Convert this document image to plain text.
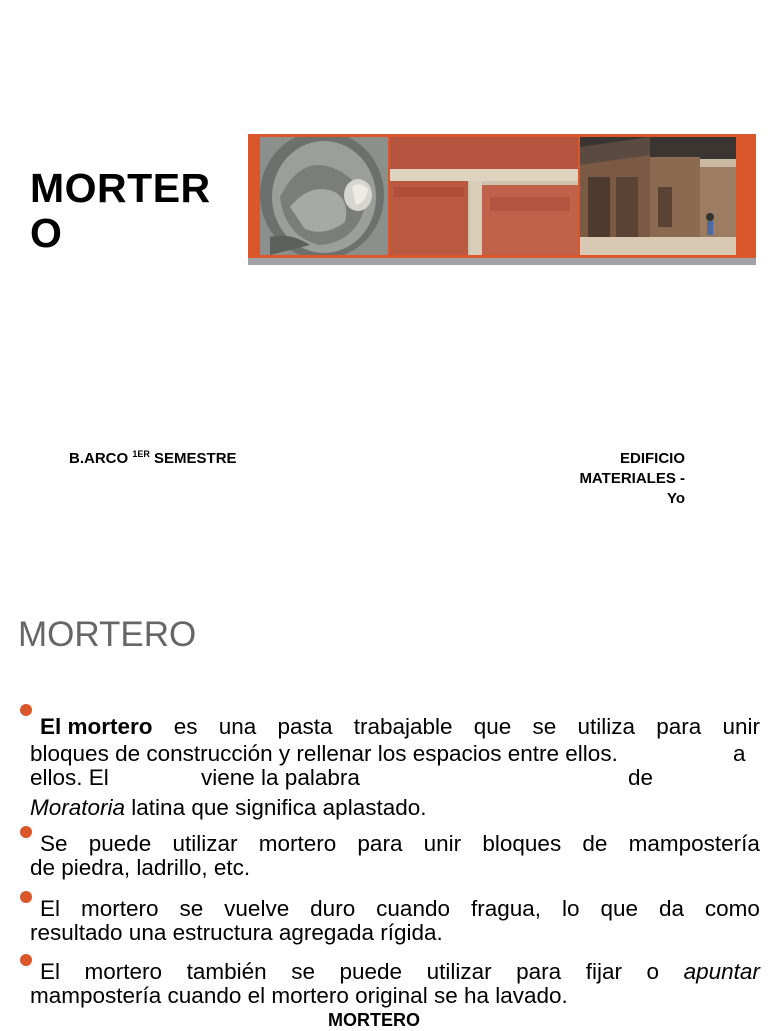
MORTERO

B.ARCO $^{1ER}$ SEMESTRE	EDIFICIO
MATERIALES -
Yo
MORTERO
El mortero es una pasta trabajable que se utiliza para unir
bloques de construcción y rellenar los espacios entre ellos.	a
ellos. El	viene la palabra	de
Moratoria latina que significa aplastado.
Se puede utilizar mortero para unir bloques de mampostería
de piedra, ladrillo, etc.
El mortero se vuelve duro cuando fragua, lo que da como
resultado una estructura agregada rígida.
El mortero también se puede utilizar para fijar o apuntar
mampostería cuando el mortero original se ha lavado.
MORTERO
